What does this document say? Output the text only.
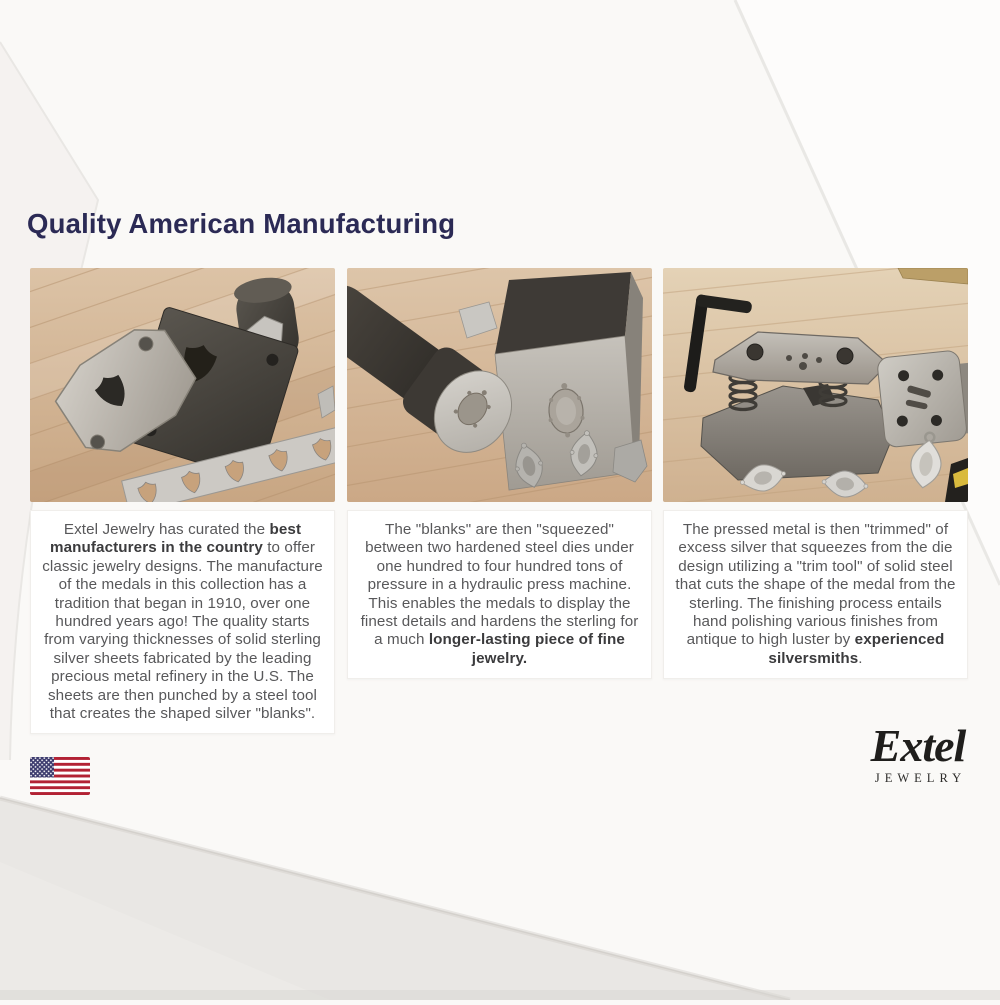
Quality American Manufacturing
Extel Jewelry has curated the best manufacturers in the country to offer classic jewelry designs. The manufacture of the medals in this collection has a tradition that began in 1910, over one hundred years ago! The quality starts from varying thicknesses of solid sterling silver sheets fabricated by the leading precious metal refinery in the U.S. The sheets are then punched by a steel tool that creates the shaped silver "blanks".
The "blanks" are then "squeezed" between two hardened steel dies under one hundred to four hundred tons of pressure in a hydraulic press machine. This enables the medals to display the finest details and hardens the sterling for a much longer-lasting piece of fine jewelry.
The pressed metal is then "trimmed" of excess silver that squeezes from the die design utilizing a "trim tool" of solid steel that cuts the shape of the medal from the sterling. The finishing process entails hand polishing various finishes from antique to high luster by experienced silversmiths.
Extel
JEWELRY
